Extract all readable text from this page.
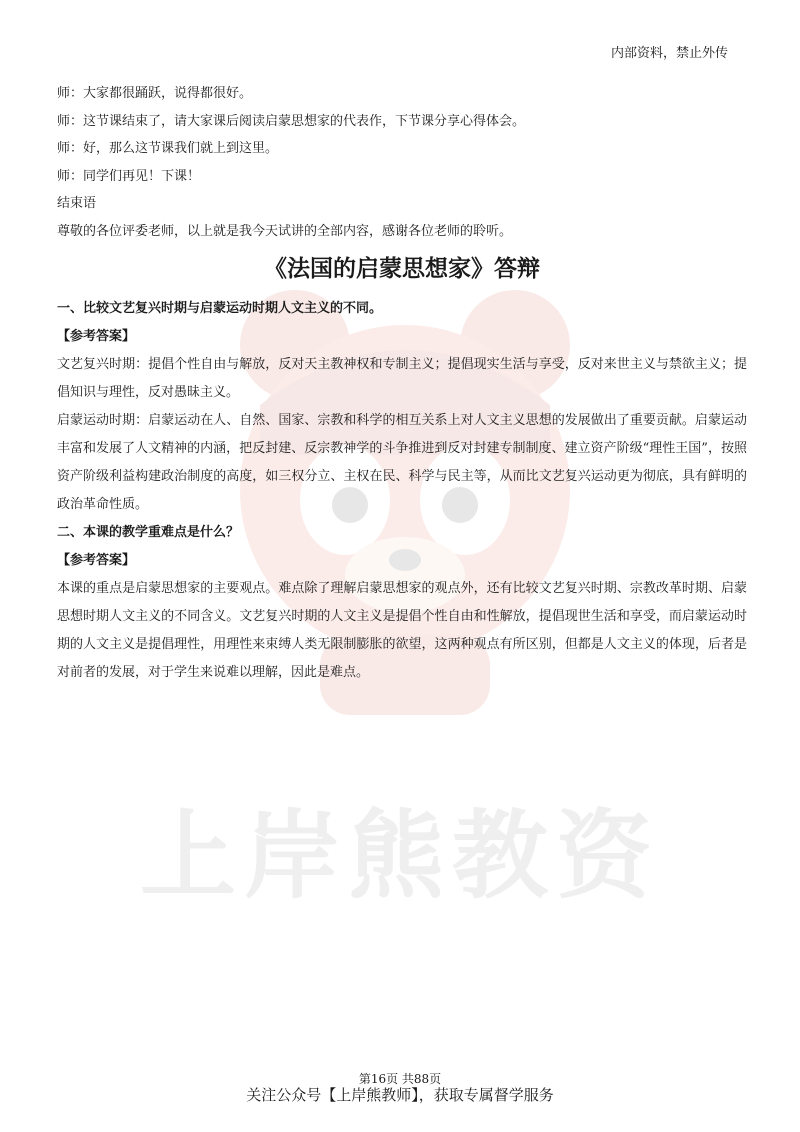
上岸熊教资
内部资料，禁止外传
师：大家都很踊跃，说得都很好。
师：这节课结束了，请大家课后阅读启蒙思想家的代表作，下节课分享心得体会。
师：好，那么这节课我们就上到这里。
师：同学们再见！下课！
结束语
尊敬的各位评委老师，以上就是我今天试讲的全部内容，感谢各位老师的聆听。
《法国的启蒙思想家》答辩
一、比较文艺复兴时期与启蒙运动时期人文主义的不同。
【参考答案】

文艺复兴时期：提倡个性自由与解放，反对天主教神权和专制主义；提倡现实生活与享受，反对来世主义与禁欲主义；提倡知识与理性，反对愚昧主义。

启蒙运动时期：启蒙运动在人、自然、国家、宗教和科学的相互关系上对人文主义思想的发展做出了重要贡献。启蒙运动丰富和发展了人文精神的内涵，把反封建、反宗教神学的斗争推进到反对封建专制制度、建立资产阶级“理性王国”，按照资产阶级利益构建政治制度的高度，如三权分立、主权在民、科学与民主等，从而比文艺复兴运动更为彻底，具有鲜明的政治革命性质。

二、本课的教学重难点是什么？
【参考答案】

本课的重点是启蒙思想家的主要观点。难点除了理解启蒙思想家的观点外，还有比较文艺复兴时期、宗教改革时期、启蒙思想时期人文主义的不同含义。文艺复兴时期的人文主义是提倡个性自由和性解放，提倡现世生活和享受，而启蒙运动时期的人文主义是提倡理性，用理性来束缚人类无限制膨胀的欲望，这两种观点有所区别，但都是人文主义的体现，后者是对前者的发展，对于学生来说难以理解，因此是难点。

第16页 共88页
关注公众号【上岸熊教师】，获取专属督学服务
